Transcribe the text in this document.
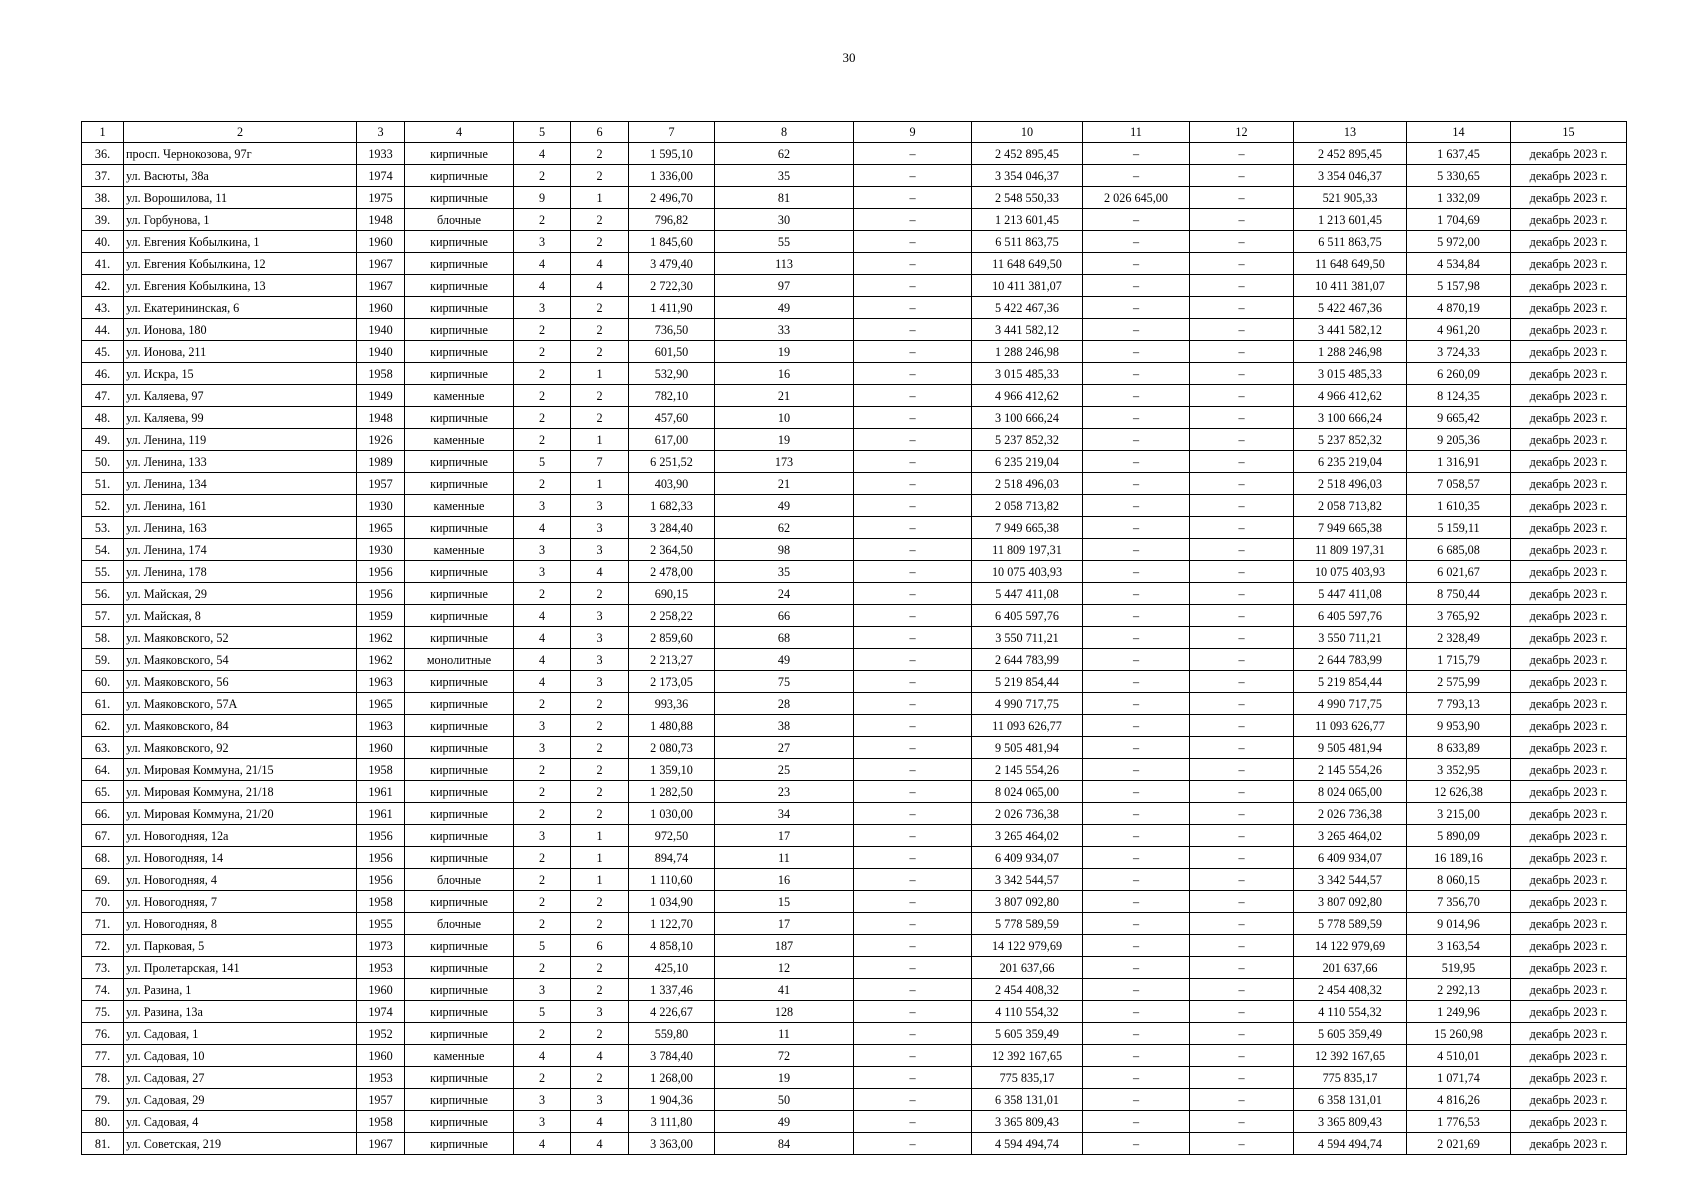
30
1	2	3	4	5	6	7	8	9	10	11	12	13	14	15
36.	просп. Чернокозова, 97г	1933	кирпичные	4	2	1 595,10	62	–	2 452 895,45	–	–	2 452 895,45	1 637,45	декабрь 2023 г.
37.	ул. Васюты, 38а	1974	кирпичные	2	2	1 336,00	35	–	3 354 046,37	–	–	3 354 046,37	5 330,65	декабрь 2023 г.
38.	ул. Ворошилова, 11	1975	кирпичные	9	1	2 496,70	81	–	2 548 550,33	2 026 645,00	–	521 905,33	1 332,09	декабрь 2023 г.
39.	ул. Горбунова, 1	1948	блочные	2	2	796,82	30	–	1 213 601,45	–	–	1 213 601,45	1 704,69	декабрь 2023 г.
40.	ул. Евгения Кобылкина, 1	1960	кирпичные	3	2	1 845,60	55	–	6 511 863,75	–	–	6 511 863,75	5 972,00	декабрь 2023 г.
41.	ул. Евгения Кобылкина, 12	1967	кирпичные	4	4	3 479,40	113	–	11 648 649,50	–	–	11 648 649,50	4 534,84	декабрь 2023 г.
42.	ул. Евгения Кобылкина, 13	1967	кирпичные	4	4	2 722,30	97	–	10 411 381,07	–	–	10 411 381,07	5 157,98	декабрь 2023 г.
43.	ул. Екатерининская, 6	1960	кирпичные	3	2	1 411,90	49	–	5 422 467,36	–	–	5 422 467,36	4 870,19	декабрь 2023 г.
44.	ул. Ионова, 180	1940	кирпичные	2	2	736,50	33	–	3 441 582,12	–	–	3 441 582,12	4 961,20	декабрь 2023 г.
45.	ул. Ионова, 211	1940	кирпичные	2	2	601,50	19	–	1 288 246,98	–	–	1 288 246,98	3 724,33	декабрь 2023 г.
46.	ул. Искра, 15	1958	кирпичные	2	1	532,90	16	–	3 015 485,33	–	–	3 015 485,33	6 260,09	декабрь 2023 г.
47.	ул. Каляева, 97	1949	каменные	2	2	782,10	21	–	4 966 412,62	–	–	4 966 412,62	8 124,35	декабрь 2023 г.
48.	ул. Каляева, 99	1948	кирпичные	2	2	457,60	10	–	3 100 666,24	–	–	3 100 666,24	9 665,42	декабрь 2023 г.
49.	ул. Ленина, 119	1926	каменные	2	1	617,00	19	–	5 237 852,32	–	–	5 237 852,32	9 205,36	декабрь 2023 г.
50.	ул. Ленина, 133	1989	кирпичные	5	7	6 251,52	173	–	6 235 219,04	–	–	6 235 219,04	1 316,91	декабрь 2023 г.
51.	ул. Ленина, 134	1957	кирпичные	2	1	403,90	21	–	2 518 496,03	–	–	2 518 496,03	7 058,57	декабрь 2023 г.
52.	ул. Ленина, 161	1930	каменные	3	3	1 682,33	49	–	2 058 713,82	–	–	2 058 713,82	1 610,35	декабрь 2023 г.
53.	ул. Ленина, 163	1965	кирпичные	4	3	3 284,40	62	–	7 949 665,38	–	–	7 949 665,38	5 159,11	декабрь 2023 г.
54.	ул. Ленина, 174	1930	каменные	3	3	2 364,50	98	–	11 809 197,31	–	–	11 809 197,31	6 685,08	декабрь 2023 г.
55.	ул. Ленина, 178	1956	кирпичные	3	4	2 478,00	35	–	10 075 403,93	–	–	10 075 403,93	6 021,67	декабрь 2023 г.
56.	ул. Майская, 29	1956	кирпичные	2	2	690,15	24	–	5 447 411,08	–	–	5 447 411,08	8 750,44	декабрь 2023 г.
57.	ул. Майская, 8	1959	кирпичные	4	3	2 258,22	66	–	6 405 597,76	–	–	6 405 597,76	3 765,92	декабрь 2023 г.
58.	ул. Маяковского, 52	1962	кирпичные	4	3	2 859,60	68	–	3 550 711,21	–	–	3 550 711,21	2 328,49	декабрь 2023 г.
59.	ул. Маяковского, 54	1962	монолитные	4	3	2 213,27	49	–	2 644 783,99	–	–	2 644 783,99	1 715,79	декабрь 2023 г.
60.	ул. Маяковского, 56	1963	кирпичные	4	3	2 173,05	75	–	5 219 854,44	–	–	5 219 854,44	2 575,99	декабрь 2023 г.
61.	ул. Маяковского, 57А	1965	кирпичные	2	2	993,36	28	–	4 990 717,75	–	–	4 990 717,75	7 793,13	декабрь 2023 г.
62.	ул. Маяковского, 84	1963	кирпичные	3	2	1 480,88	38	–	11 093 626,77	–	–	11 093 626,77	9 953,90	декабрь 2023 г.
63.	ул. Маяковского, 92	1960	кирпичные	3	2	2 080,73	27	–	9 505 481,94	–	–	9 505 481,94	8 633,89	декабрь 2023 г.
64.	ул. Мировая Коммуна, 21/15	1958	кирпичные	2	2	1 359,10	25	–	2 145 554,26	–	–	2 145 554,26	3 352,95	декабрь 2023 г.
65.	ул. Мировая Коммуна, 21/18	1961	кирпичные	2	2	1 282,50	23	–	8 024 065,00	–	–	8 024 065,00	12 626,38	декабрь 2023 г.
66.	ул. Мировая Коммуна, 21/20	1961	кирпичные	2	2	1 030,00	34	–	2 026 736,38	–	–	2 026 736,38	3 215,00	декабрь 2023 г.
67.	ул. Новогодняя, 12а	1956	кирпичные	3	1	972,50	17	–	3 265 464,02	–	–	3 265 464,02	5 890,09	декабрь 2023 г.
68.	ул. Новогодняя, 14	1956	кирпичные	2	1	894,74	11	–	6 409 934,07	–	–	6 409 934,07	16 189,16	декабрь 2023 г.
69.	ул. Новогодняя, 4	1956	блочные	2	1	1 110,60	16	–	3 342 544,57	–	–	3 342 544,57	8 060,15	декабрь 2023 г.
70.	ул. Новогодняя, 7	1958	кирпичные	2	2	1 034,90	15	–	3 807 092,80	–	–	3 807 092,80	7 356,70	декабрь 2023 г.
71.	ул. Новогодняя, 8	1955	блочные	2	2	1 122,70	17	–	5 778 589,59	–	–	5 778 589,59	9 014,96	декабрь 2023 г.
72.	ул. Парковая, 5	1973	кирпичные	5	6	4 858,10	187	–	14 122 979,69	–	–	14 122 979,69	3 163,54	декабрь 2023 г.
73.	ул. Пролетарская, 141	1953	кирпичные	2	2	425,10	12	–	201 637,66	–	–	201 637,66	519,95	декабрь 2023 г.
74.	ул. Разина, 1	1960	кирпичные	3	2	1 337,46	41	–	2 454 408,32	–	–	2 454 408,32	2 292,13	декабрь 2023 г.
75.	ул. Разина, 13а	1974	кирпичные	5	3	4 226,67	128	–	4 110 554,32	–	–	4 110 554,32	1 249,96	декабрь 2023 г.
76.	ул. Садовая, 1	1952	кирпичные	2	2	559,80	11	–	5 605 359,49	–	–	5 605 359,49	15 260,98	декабрь 2023 г.
77.	ул. Садовая, 10	1960	каменные	4	4	3 784,40	72	–	12 392 167,65	–	–	12 392 167,65	4 510,01	декабрь 2023 г.
78.	ул. Садовая, 27	1953	кирпичные	2	2	1 268,00	19	–	775 835,17	–	–	775 835,17	1 071,74	декабрь 2023 г.
79.	ул. Садовая, 29	1957	кирпичные	3	3	1 904,36	50	–	6 358 131,01	–	–	6 358 131,01	4 816,26	декабрь 2023 г.
80.	ул. Садовая, 4	1958	кирпичные	3	4	3 111,80	49	–	3 365 809,43	–	–	3 365 809,43	1 776,53	декабрь 2023 г.
81.	ул. Советская, 219	1967	кирпичные	4	4	3 363,00	84	–	4 594 494,74	–	–	4 594 494,74	2 021,69	декабрь 2023 г.
